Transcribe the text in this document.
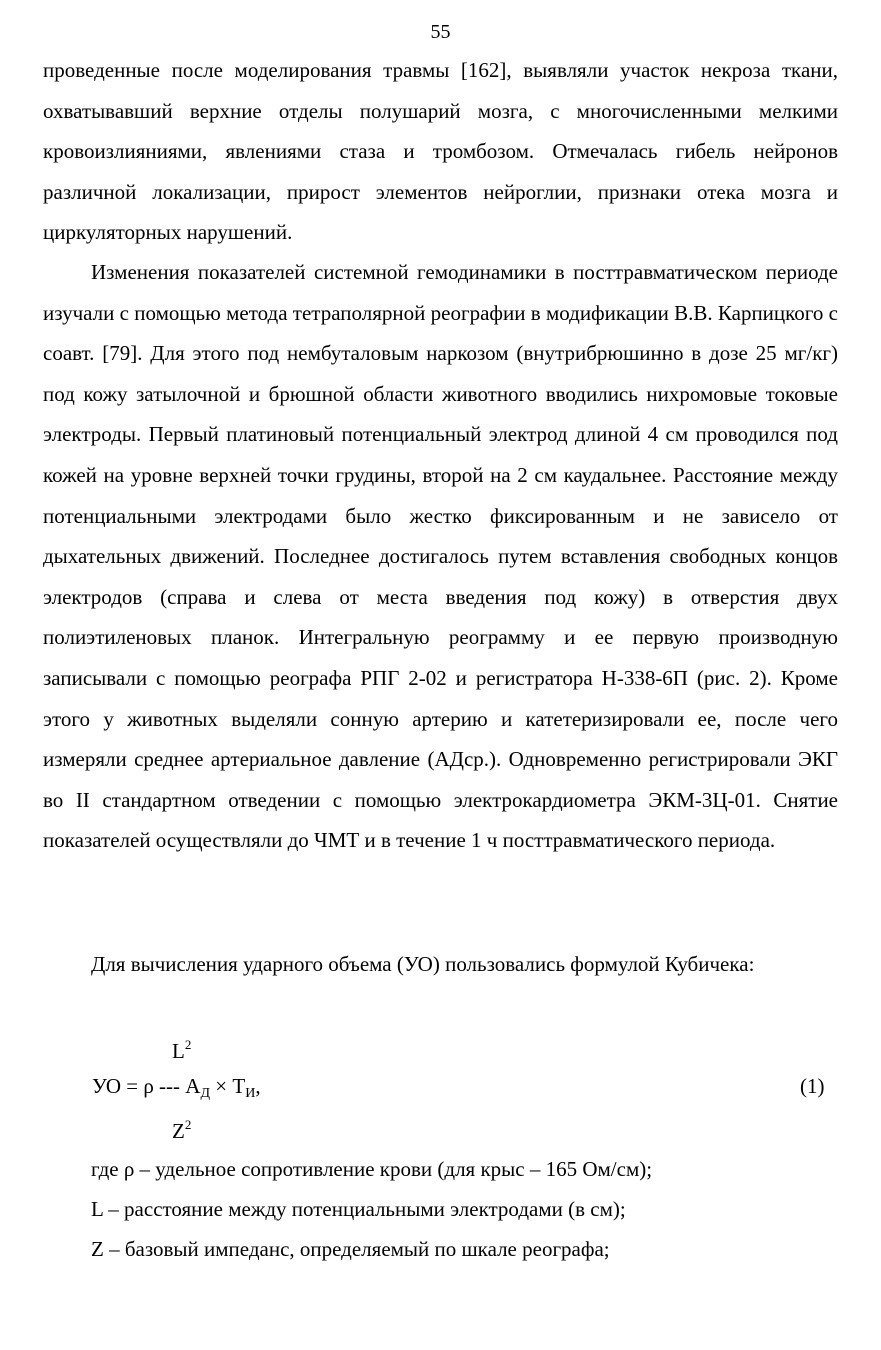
55

проведенные после моделирования травмы [162], выявляли участок некроза ткани, охватывавший верхние отделы полушарий мозга, с многочисленными мелкими кровоизлияниями, явлениями стаза и тромбозом. Отмечалась гибель нейронов различной локализации, прирост элементов нейроглии, признаки отека мозга и циркуляторных нарушений.

Изменения показателей системной гемодинамики в посттравматическом периоде изучали с помощью метода тетраполярной реографии в модификации В.В. Карпицкого с соавт. [79]. Для этого под нембуталовым наркозом (внутрибрюшинно в дозе 25 мг/кг) под кожу затылочной и брюшной области животного вводились нихромовые токовые электроды. Первый платиновый потенциальный электрод длиной 4 см проводился под кожей на уровне верхней точки грудины, второй на 2 см каудальнее. Расстояние между потенциальными электродами было жестко фиксированным и не зависело от дыхательных движений. Последнее достигалось путем вставления свободных концов электродов (справа и слева от места введения под кожу) в отверстия двух полиэтиленовых планок. Интегральную реограмму и ее первую производную записывали с помощью реографа РПГ 2-02 и регистратора Н-338-6П (рис. 2). Кроме этого у животных выделяли сонную артерию и катетеризировали ее, после чего измеряли среднее артериальное давление (АДср.). Одновременно регистрировали ЭКГ во II стандартном отведении с помощью электрокардиометра ЭКМ-3Ц-01. Снятие показателей осуществляли до ЧМТ и в течение 1 ч посттравматического периода.

Для вычисления ударного объема (УО) пользовались формулой Кубичека:

$L^2$
УО = ρ --- $А_Д \times Т_И$,	(1)
$Z^2$
где ρ – удельное сопротивление крови (для крыс – 165 Ом/см);
L – расстояние между потенциальными электродами (в см);
Z – базовый импеданс, определяемый по шкале реографа;
